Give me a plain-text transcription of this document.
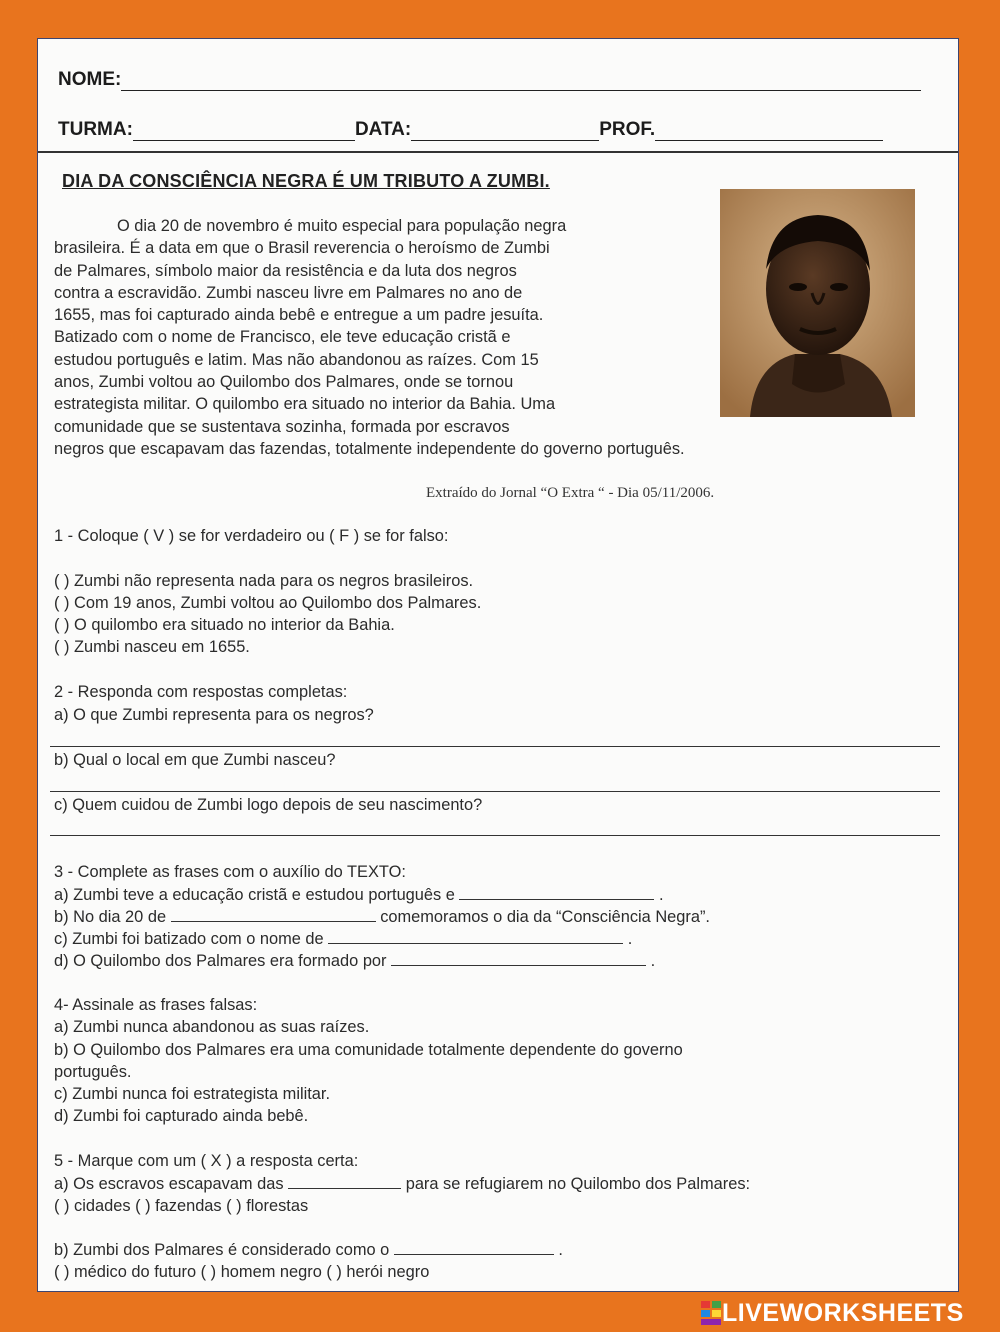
NOME:
TURMA:	DATA:	PROF.
DIA DA CONSCIÊNCIA NEGRA É UM TRIBUTO A ZUMBI.
O dia 20 de novembro é muito especial para população negra
brasileira. É a data em que o Brasil reverencia o heroísmo de Zumbi
de Palmares, símbolo maior da resistência e da luta dos negros
contra a escravidão. Zumbi nasceu livre em Palmares no ano de
1655, mas foi capturado ainda bebê e entregue a um padre jesuíta.
Batizado com o nome de Francisco, ele teve educação cristã e
estudou português e latim. Mas não abandonou as raízes. Com 15
anos, Zumbi voltou ao Quilombo dos Palmares, onde se tornou
estrategista militar. O quilombo era situado no interior da Bahia. Uma
comunidade que se sustentava sozinha, formada por escravos
negros que escapavam das fazendas, totalmente independente do governo português.
Extraído do Jornal “O Extra “ - Dia 05/11/2006.
1 - Coloque ( V ) se for verdadeiro ou ( F ) se for falso:
( ) Zumbi não representa nada para os negros brasileiros.
( ) Com 19 anos, Zumbi voltou ao Quilombo dos Palmares.
( ) O quilombo era situado no interior da Bahia.
( ) Zumbi nasceu em 1655.
2 - Responda com respostas completas:
a) O que Zumbi representa para os negros?
b) Qual o local em que Zumbi nasceu?
c) Quem cuidou de Zumbi logo depois de seu nascimento?
3 - Complete as frases com o auxílio do TEXTO:
a) Zumbi teve a educação cristã e estudou português e	.
b) No dia 20 de	comemoramos o dia da “Consciência Negra”.
c) Zumbi foi batizado com o nome de	.
d) O Quilombo dos Palmares era formado por	.
4- Assinale as frases falsas:
a) Zumbi nunca abandonou as suas raízes.
b) O Quilombo dos Palmares era uma comunidade totalmente dependente do governo
português.
c) Zumbi nunca foi estrategista militar.
d) Zumbi foi capturado ainda bebê.
5 - Marque com um ( X ) a resposta certa:
a) Os escravos escapavam das	para se refugiarem no Quilombo dos Palmares:
( ) cidades ( ) fazendas ( ) florestas
b) Zumbi dos Palmares é considerado como o	.
( ) médico do futuro ( ) homem negro ( ) herói negro
LIVEWORKSHEETS
